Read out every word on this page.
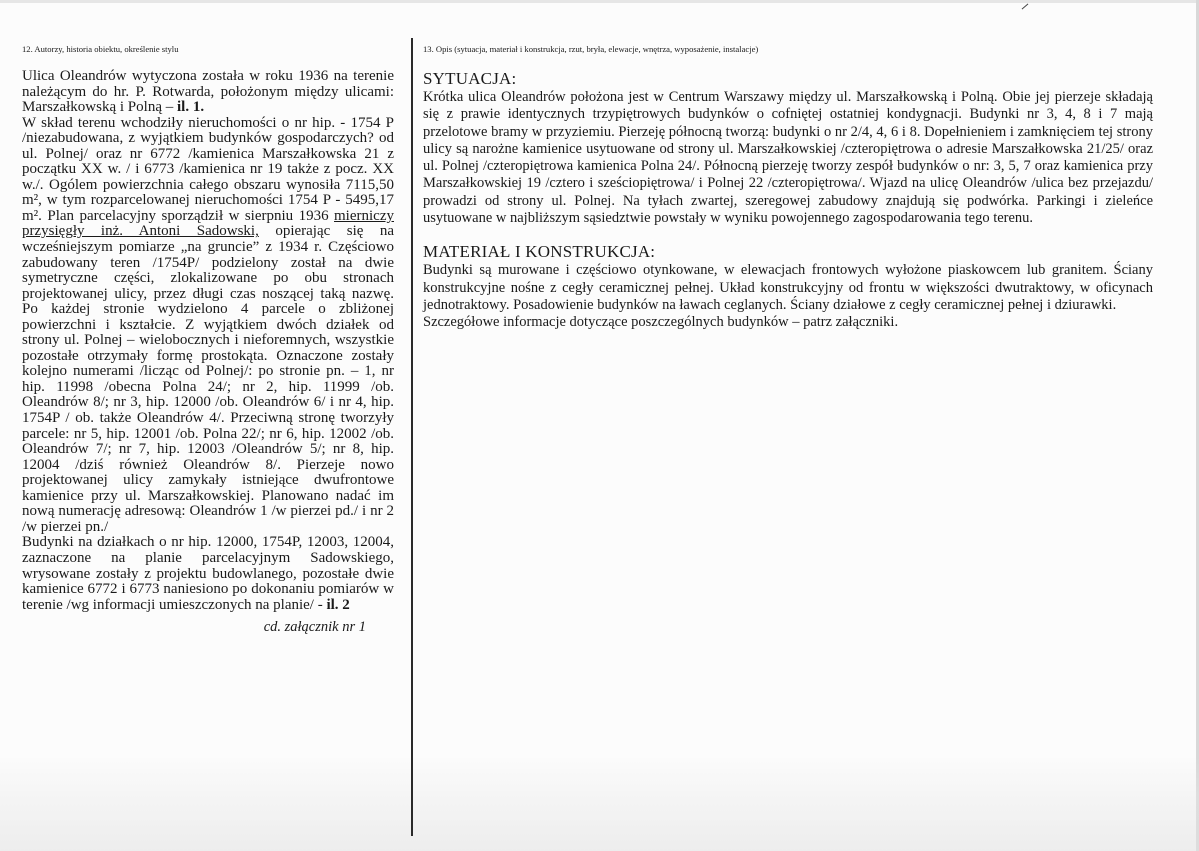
12. Autorzy, historia obiektu, określenie stylu

Ulica Oleandrów wytyczona została w roku 1936 na terenie należącym do hr. P. Rotwarda, położonym między ulicami: Marszałkowską i Polną – il. 1.

W skład terenu wchodziły nieruchomości o nr hip. - 1754 P /niezabudowana, z wyjątkiem budynków gospodarczych? od ul. Polnej/ oraz nr 6772 /kamienica Marszałkowska 21 z początku XX w. / i 6773 /kamienica nr 19 także z pocz. XX w./. Ogólem powierzchnia całego obszaru wynosiła 7115,50 m², w tym rozparcelowanej nieruchomości 1754 P - 5495,17 m². Plan parcelacyjny sporządził w sierpniu 1936 mierniczy przysięgły inż. Antoni Sadowski, opierając się na wcześniejszym pomiarze „na gruncie” z 1934 r. Częściowo zabudowany teren /1754P/ podzielony został na dwie symetryczne części, zlokalizowane po obu stronach projektowanej ulicy, przez długi czas noszącej taką nazwę. Po każdej stronie wydzielono 4 parcele o zbliżonej powierzchni i kształcie. Z wyjątkiem dwóch działek od strony ul. Polnej – wielobocznych i nieforemnych, wszystkie pozostałe otrzymały formę prostokąta. Oznaczone zostały kolejno numerami /licząc od Polnej/: po stronie pn. – 1, nr hip. 11998 /obecna Polna 24/; nr 2, hip. 11999 /ob. Oleandrów 8/; nr 3, hip. 12000 /ob. Oleandrów 6/ i nr 4, hip. 1754P / ob. także Oleandrów 4/. Przeciwną stronę tworzyły parcele: nr 5, hip. 12001 /ob. Polna 22/; nr 6, hip. 12002 /ob. Oleandrów 7/; nr 7, hip. 12003 /Oleandrów 5/; nr 8, hip. 12004 /dziś również Oleandrów 8/. Pierzeje nowo projektowanej ulicy zamykały istniejące dwufrontowe kamienice przy ul. Marszałkowskiej. Planowano nadać im nową numerację adresową: Oleandrów 1 /w pierzei pd./ i nr 2 /w pierzei pn./

Budynki na działkach o nr hip. 12000, 1754P, 12003, 12004, zaznaczone na planie parcelacyjnym Sadowskiego, wrysowane zostały z projektu budowlanego, pozostałe dwie kamienice 6772 i 6773 naniesiono po dokonaniu pomiarów w terenie /wg informacji umieszczonych na planie/ - il. 2

cd. załącznik nr 1
13. Opis (sytuacja, materiał i konstrukcja, rzut, bryła, elewacje, wnętrza, wyposażenie, instalacje)
SYTUACJA:

Krótka ulica Oleandrów położona jest w Centrum Warszawy między ul. Marszałkowską i Polną. Obie jej pierzeje składają się z prawie identycznych trzypiętrowych budynków o cofniętej ostatniej kondygnacji. Budynki nr 3, 4, 8 i 7 mają przelotowe bramy w przyziemiu. Pierzeję północną tworzą: budynki o nr 2/4, 4, 6 i 8. Dopełnieniem i zamknięciem tej strony ulicy są narożne kamienice usytuowane od strony ul. Marszałkowskiej /czteropiętrowa o adresie Marszałkowska 21/25/ oraz ul. Polnej /czteropiętrowa kamienica Polna 24/. Północną pierzeję tworzy zespół budynków o nr: 3, 5, 7 oraz kamienica przy Marszałkowskiej 19 /cztero i sześciopiętrowa/ i Polnej 22 /czteropiętrowa/. Wjazd na ulicę Oleandrów /ulica bez przejazdu/ prowadzi od strony ul. Polnej. Na tyłach zwartej, szeregowej zabudowy znajdują się podwórka. Parkingi i zieleńce usytuowane w najbliższym sąsiedztwie powstały w wyniku powojennego zagospodarowania tego terenu.

MATERIAŁ I KONSTRUKCJA:

Budynki są murowane i częściowo otynkowane, w elewacjach frontowych wyłożone piaskowcem lub granitem. Ściany konstrukcyjne nośne z cegły ceramicznej pełnej. Układ konstrukcyjny od frontu w większości dwutraktowy, w oficynach jednotraktowy. Posadowienie budynków na ławach ceglanych. Ściany działowe z cegły ceramicznej pełnej i dziurawki.

Szczegółowe informacje dotyczące poszczególnych budynków – patrz załączniki.
